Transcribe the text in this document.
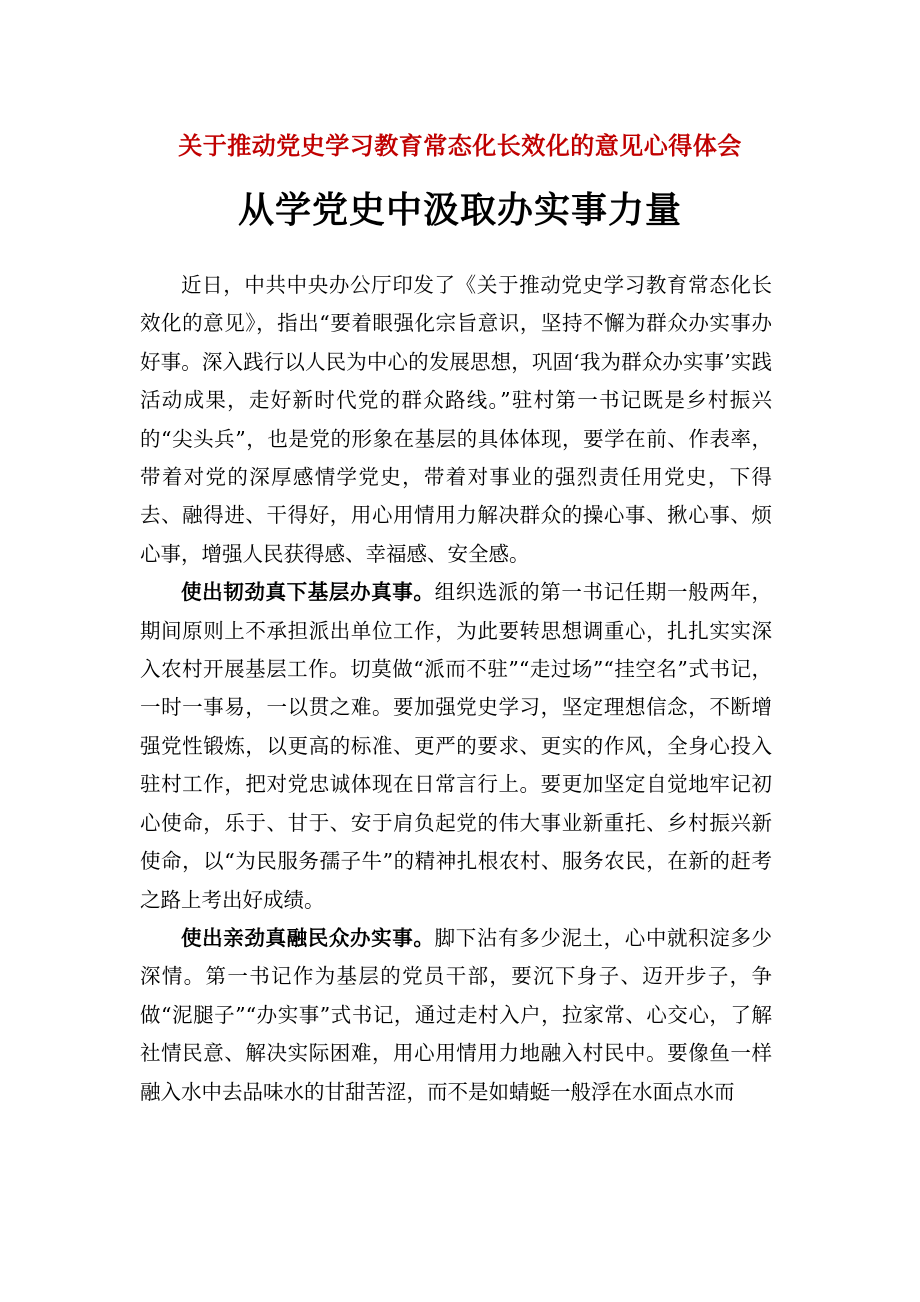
关于推动党史学习教育常态化长效化的意见心得体会
从学党史中汲取办实事力量

近日，中共中央办公厅印发了《关于推动党史学习教育常态化长效化的意见》，指出“要着眼强化宗旨意识，坚持不懈为群众办实事办好事。深入践行以人民为中心的发展思想，巩固‘我为群众办实事’实践活动成果，走好新时代党的群众路线。”驻村第一书记既是乡村振兴的“尖头兵”，也是党的形象在基层的具体体现，要学在前、作表率，带着对党的深厚感情学党史，带着对事业的强烈责任用党史，下得去、融得进、干得好，用心用情用力解决群众的操心事、揪心事、烦心事，增强人民获得感、幸福感、安全感。

使出韧劲真下基层办真事。组织选派的第一书记任期一般两年，期间原则上不承担派出单位工作，为此要转思想调重心，扎扎实实深入农村开展基层工作。切莫做“派而不驻”“走过场”“挂空名”式书记，一时一事易，一以贯之难。要加强党史学习，坚定理想信念，不断增强党性锻炼，以更高的标准、更严的要求、更实的作风，全身心投入驻村工作，把对党忠诚体现在日常言行上。要更加坚定自觉地牢记初心使命，乐于、甘于、安于肩负起党的伟大事业新重托、乡村振兴新使命，以“为民服务孺子牛”的精神扎根农村、服务农民，在新的赶考之路上考出好成绩。

使出亲劲真融民众办实事。脚下沾有多少泥土，心中就积淀多少深情。第一书记作为基层的党员干部，要沉下身子、迈开步子，争做“泥腿子”“办实事”式书记，通过走村入户，拉家常、心交心，了解社情民意、解决实际困难，用心用情用力地融入村民中。要像鱼一样融入水中去品味水的甘甜苦涩，而不是如蜻蜓一般浮在水面点水而
